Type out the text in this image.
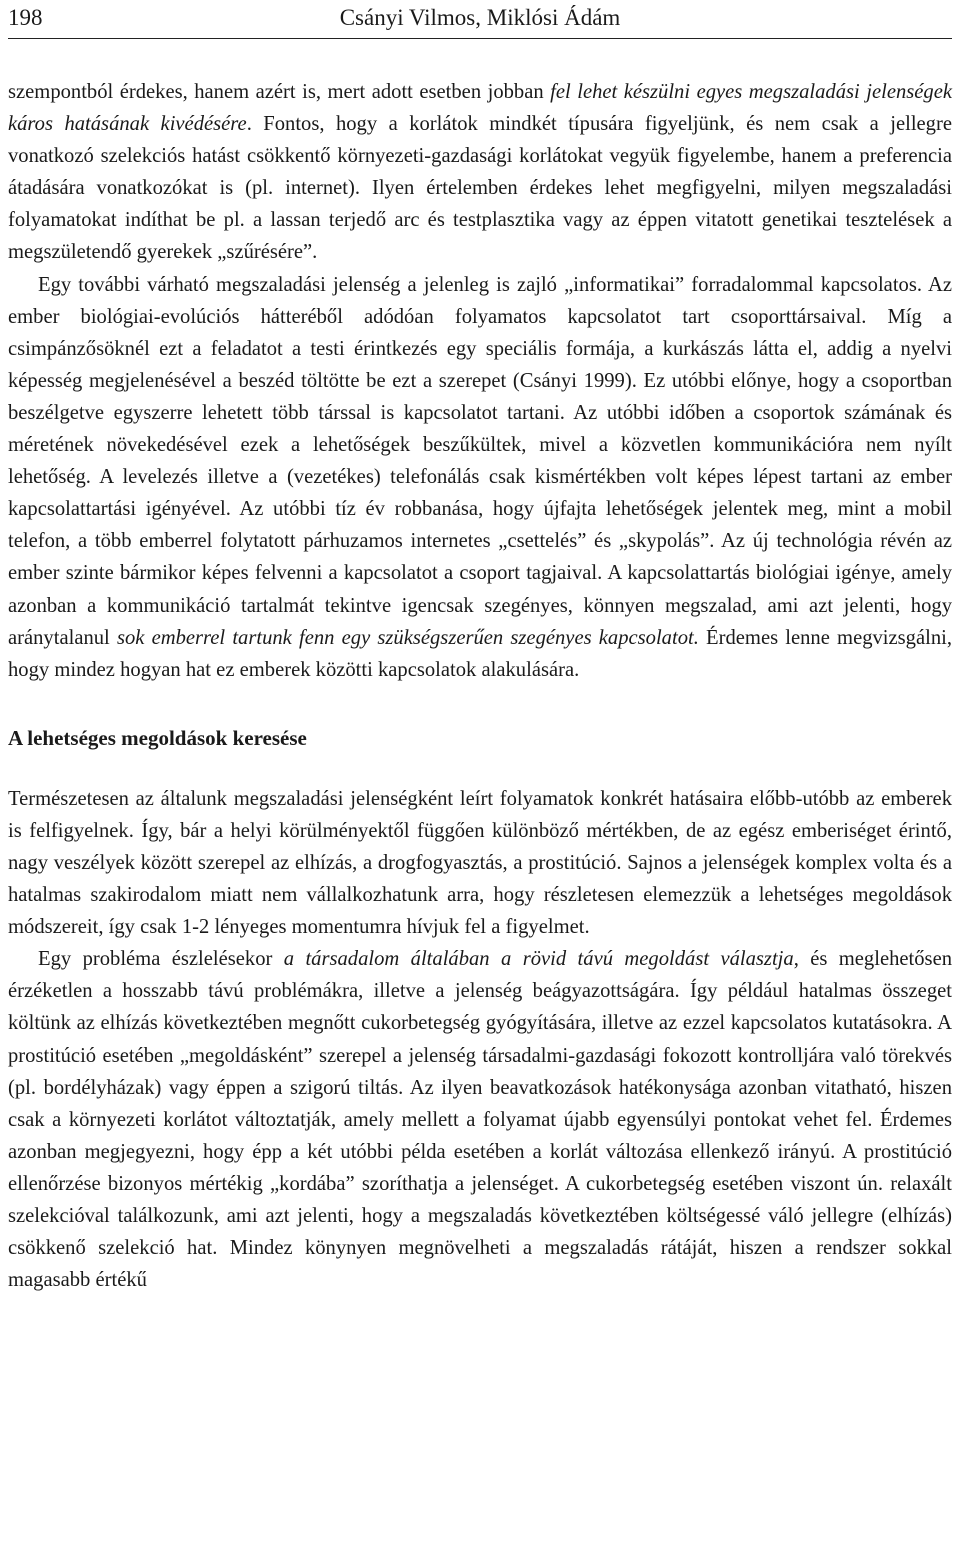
198	Csányi Vilmos, Miklósi Ádám

szempontból érdekes, hanem azért is, mert adott esetben jobban fel lehet készülni egyes megszaladási jelenségek káros hatásának kivédésére. Fontos, hogy a korlátok mindkét típusára figyeljünk, és nem csak a jellegre vonatkozó szelekciós hatást csökkentő környezeti-gazdasági korlátokat vegyük figyelembe, hanem a preferencia átadására vonatkozókat is (pl. internet). Ilyen értelemben érdekes lehet megfigyelni, milyen megszaladási folyamatokat indíthat be pl. a lassan terjedő arc és testplasztika vagy az éppen vitatott genetikai tesztelések a megszületendő gyerekek „szűrésére”.

Egy további várható megszaladási jelenség a jelenleg is zajló „informatikai” forradalommal kapcsolatos. Az ember biológiai-evolúciós hátteréből adódóan folyamatos kapcsolatot tart csoporttársaival. Míg a csimpánzősöknél ezt a feladatot a testi érintkezés egy speciális formája, a kurkászás látta el, addig a nyelvi képesség megjelenésével a beszéd töltötte be ezt a szerepet (Csányi 1999). Ez utóbbi előnye, hogy a csoportban beszélgetve egyszerre lehetett több társsal is kapcsolatot tartani. Az utóbbi időben a csoportok számának és méretének növekedésével ezek a lehetőségek beszűkültek, mivel a közvetlen kommunikációra nem nyílt lehetőség. A levelezés illetve a (vezetékes) telefonálás csak kismértékben volt képes lépest tartani az ember kapcsolattartási igényével. Az utóbbi tíz év robbanása, hogy újfajta lehetőségek jelentek meg, mint a mobil telefon, a több emberrel folytatott párhuzamos internetes „csettelés” és „skypolás”. Az új technológia révén az ember szinte bármikor képes felvenni a kapcsolatot a csoport tagjaival. A kapcsolattartás biológiai igénye, amely azonban a kommunikáció tartalmát tekintve igencsak szegényes, könnyen megszalad, ami azt jelenti, hogy aránytalanul sok emberrel tartunk fenn egy szükségszerűen szegényes kapcsolatot. Érdemes lenne megvizsgálni, hogy mindez hogyan hat ez emberek közötti kapcsolatok alakulására.

A lehetséges megoldások keresése

Természetesen az általunk megszaladási jelenségként leírt folyamatok konkrét hatásaira előbb-utóbb az emberek is felfigyelnek. Így, bár a helyi körülményektől függően különböző mértékben, de az egész emberiséget érintő, nagy veszélyek között szerepel az elhízás, a drogfogyasztás, a prostitúció. Sajnos a jelenségek komplex volta és a hatalmas szakirodalom miatt nem vállalkozhatunk arra, hogy részletesen elemezzük a lehetséges megoldások módszereit, így csak 1-2 lényeges momentumra hívjuk fel a figyelmet.

Egy probléma észlelésekor a társadalom általában a rövid távú megoldást választja, és meglehetősen érzéketlen a hosszabb távú problémákra, illetve a jelenség beágyazottságára. Így például hatalmas összeget költünk az elhízás következtében megnőtt cukorbetegség gyógyítására, illetve az ezzel kapcsolatos kutatásokra. A prostitúció esetében „megoldásként” szerepel a jelenség társadalmi-gazdasági fokozott kontrolljára való törekvés (pl. bordélyházak) vagy éppen a szigorú tiltás. Az ilyen beavatkozások hatékonysága azonban vitatható, hiszen csak a környezeti korlátot változtatják, amely mellett a folyamat újabb egyensúlyi pontokat vehet fel. Érdemes azonban megjegyezni, hogy épp a két utóbbi példa esetében a korlát változása ellenkező irányú. A prostitúció ellenőrzése bizonyos mértékig „kordába” szoríthatja a jelenséget. A cukorbetegség esetében viszont ún. relaxált szelekcióval találkozunk, ami azt jelenti, hogy a megszaladás következtében költségessé váló jellegre (elhízás) csökkenő szelekció hat. Mindez könynyen megnövelheti a megszaladás rátáját, hiszen a rendszer sokkal magasabb értékű
